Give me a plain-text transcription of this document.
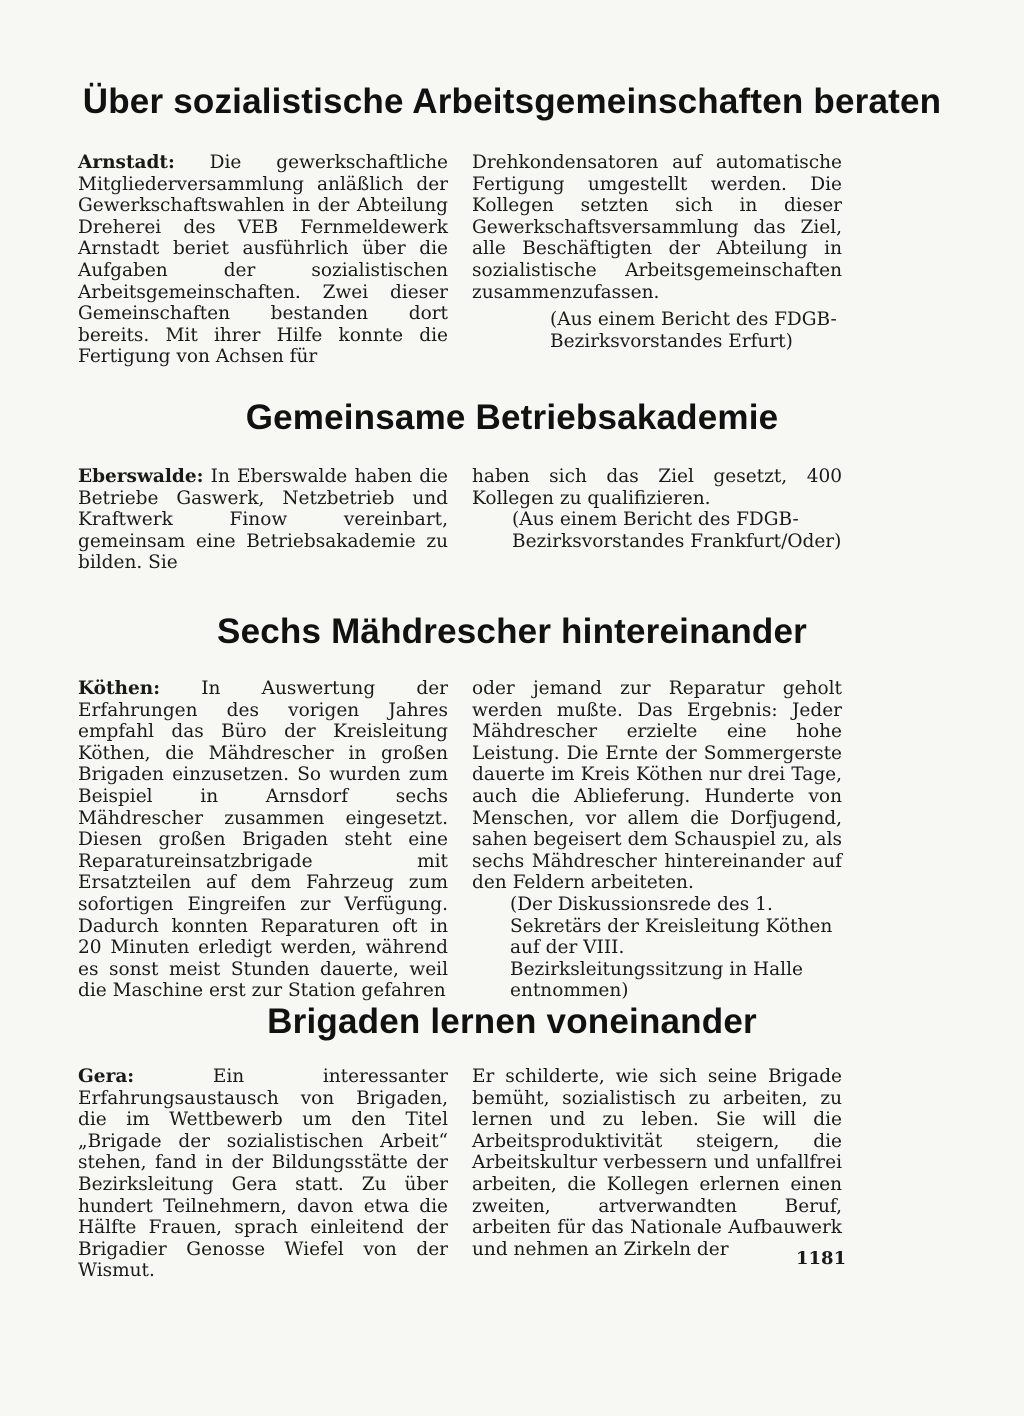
Über sozialistische Arbeitsgemeinschaften beraten

Arnstadt: Die gewerkschaftliche Mitgliederversammlung anläßlich der Gewerkschaftswahlen in der Abteilung Dreherei des VEB Fernmeldewerk Arnstadt beriet ausführlich über die Aufgaben der sozialistischen Arbeitsgemeinschaften. Zwei dieser Gemeinschaften bestanden dort bereits. Mit ihrer Hilfe konnte die Fertigung von Achsen für

Drehkondensatoren auf automatische Fertigung umgestellt werden. Die Kollegen setzten sich in dieser Gewerkschaftsversammlung das Ziel, alle Beschäftigten der Abteilung in sozialistische Arbeitsgemeinschaften zusammenzufassen.

(Aus einem Bericht des FDGB-Bezirksvorstandes Erfurt)

Gemeinsame Betriebsakademie

Eberswalde: In Eberswalde haben die Betriebe Gaswerk, Netzbetrieb und Kraftwerk Finow vereinbart, gemeinsam eine Betriebsakademie zu bilden. Sie

haben sich das Ziel gesetzt, 400 Kollegen zu qualifizieren.

(Aus einem Bericht des FDGB-Bezirksvorstandes Frankfurt/Oder)

Sechs Mähdrescher hintereinander

Köthen: In Auswertung der Erfahrungen des vorigen Jahres empfahl das Büro der Kreisleitung Köthen, die Mähdrescher in großen Brigaden einzusetzen. So wurden zum Beispiel in Arnsdorf sechs Mähdrescher zusammen eingesetzt. Diesen großen Brigaden steht eine Reparatureinsatzbrigade mit Ersatzteilen auf dem Fahrzeug zum sofortigen Eingreifen zur Verfügung. Dadurch konnten Reparaturen oft in 20 Minuten erledigt werden, während es sonst meist Stunden dauerte, weil die Maschine erst zur Station gefahren

oder jemand zur Reparatur geholt werden mußte. Das Ergebnis: Jeder Mähdrescher erzielte eine hohe Leistung. Die Ernte der Sommergerste dauerte im Kreis Köthen nur drei Tage, auch die Ablieferung. Hunderte von Menschen, vor allem die Dorfjugend, sahen begeisert dem Schauspiel zu, als sechs Mähdrescher hintereinander auf den Feldern arbeiteten.

(Der Diskussionsrede des 1. Sekretärs der Kreisleitung Köthen auf der VIII. Bezirksleitungssitzung in Halle entnommen)

Brigaden lernen voneinander

Gera: Ein interessanter Erfahrungsaustausch von Brigaden, die im Wettbewerb um den Titel „Brigade der sozialistischen Arbeit“ stehen, fand in der Bildungsstätte der Bezirksleitung Gera statt. Zu über hundert Teilnehmern, davon etwa die Hälfte Frauen, sprach einleitend der Brigadier Genosse Wiefel von der Wismut.

Er schilderte, wie sich seine Brigade bemüht, sozialistisch zu arbeiten, zu lernen und zu leben. Sie will die Arbeitsproduktivität steigern, die Arbeitskultur verbessern und unfallfrei arbeiten, die Kollegen erlernen einen zweiten, artverwandten Beruf, arbeiten für das Nationale Aufbauwerk und nehmen an Zirkeln der	1181
